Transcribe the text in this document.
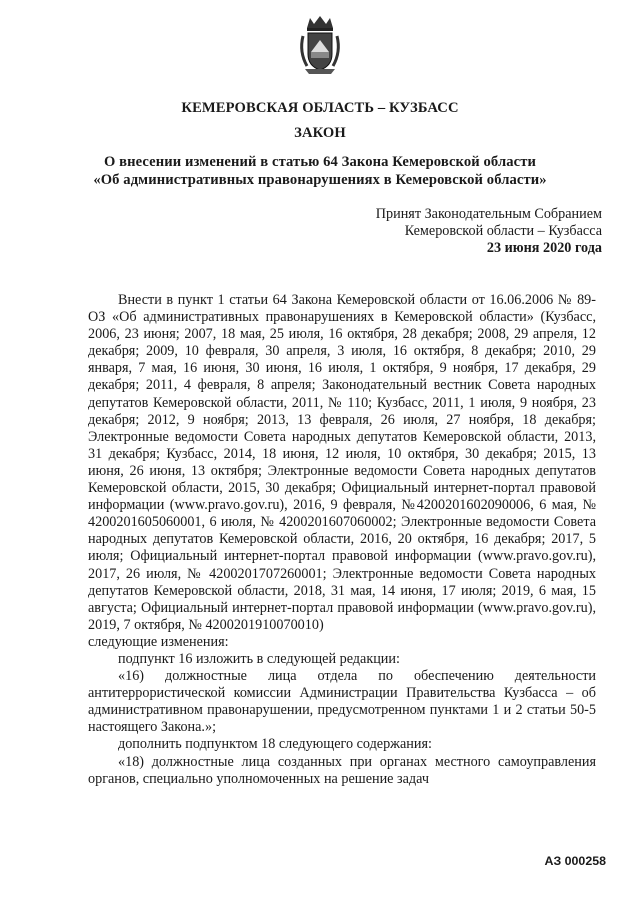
КЕМЕРОВСКАЯ ОБЛАСТЬ – КУЗБАСС
ЗАКОН
О внесении изменений в статью 64 Закона Кемеровской области
«Об административных правонарушениях в Кемеровской области»
Принят Законодательным Собранием
Кемеровской области – Кузбасса
23 июня 2020 года

Внести в пункт 1 статьи 64 Закона Кемеровской области от 16.06.2006 № 89-ОЗ «Об административных правонарушениях в Кемеровской области» (Кузбасс, 2006, 23 июня; 2007, 18 мая, 25 июля, 16 октября, 28 декабря; 2008, 29 апреля, 12 декабря; 2009, 10 февраля, 30 апреля, 3 июля, 16 октября, 8 декабря; 2010, 29 января, 7 мая, 16 июня, 30 июня, 16 июля, 1 октября, 9 ноября, 17 декабря, 29 декабря; 2011, 4 февраля, 8 апреля; Законодательный вестник Совета народных депутатов Кемеровской области, 2011, № 110; Кузбасс, 2011, 1 июля, 9 ноября, 23 декабря; 2012, 9 ноября; 2013, 13 февраля, 26 июля, 27 ноября, 18 декабря; Электронные ведомости Совета народных депутатов Кемеровской области, 2013, 31 декабря; Кузбасс, 2014, 18 июня, 12 июля, 10 октября, 30 декабря; 2015, 13 июня, 26 июня, 13 октября; Электронные ведомости Совета народных депутатов Кемеровской области, 2015, 30 декабря; Официальный интернет-портал правовой информации (www.pravo.gov.ru), 2016, 9 февраля, №4200201602090006, 6 мая, № 4200201605060001, 6 июля, № 4200201607060002; Электронные ведомости Совета народных депутатов Кемеровской области, 2016, 20 октября, 16 декабря; 2017, 5 июля; Официальный интернет-портал правовой информации (www.pravo.gov.ru), 2017, 26 июля, № 4200201707260001; Электронные ведомости Совета народных депутатов Кемеровской области, 2018, 31 мая, 14 июня, 17 июля; 2019, 6 мая, 15 августа; Официальный интернет-портал правовой информации (www.pravo.gov.ru), 2019, 7 октября, № 4200201910070010)

следующие изменения:

подпункт 16 изложить в следующей редакции:

«16) должностные лица отдела по обеспечению деятельности антитеррористической комиссии Администрации Правительства Кузбасса – об административном правонарушении, предусмотренном пунктами 1 и 2 статьи 50-5 настоящего Закона.»;

дополнить подпунктом 18 следующего содержания:

«18) должностные лица созданных при органах местного самоуправления органов, специально уполномоченных на решение задач

АЗ 000258
